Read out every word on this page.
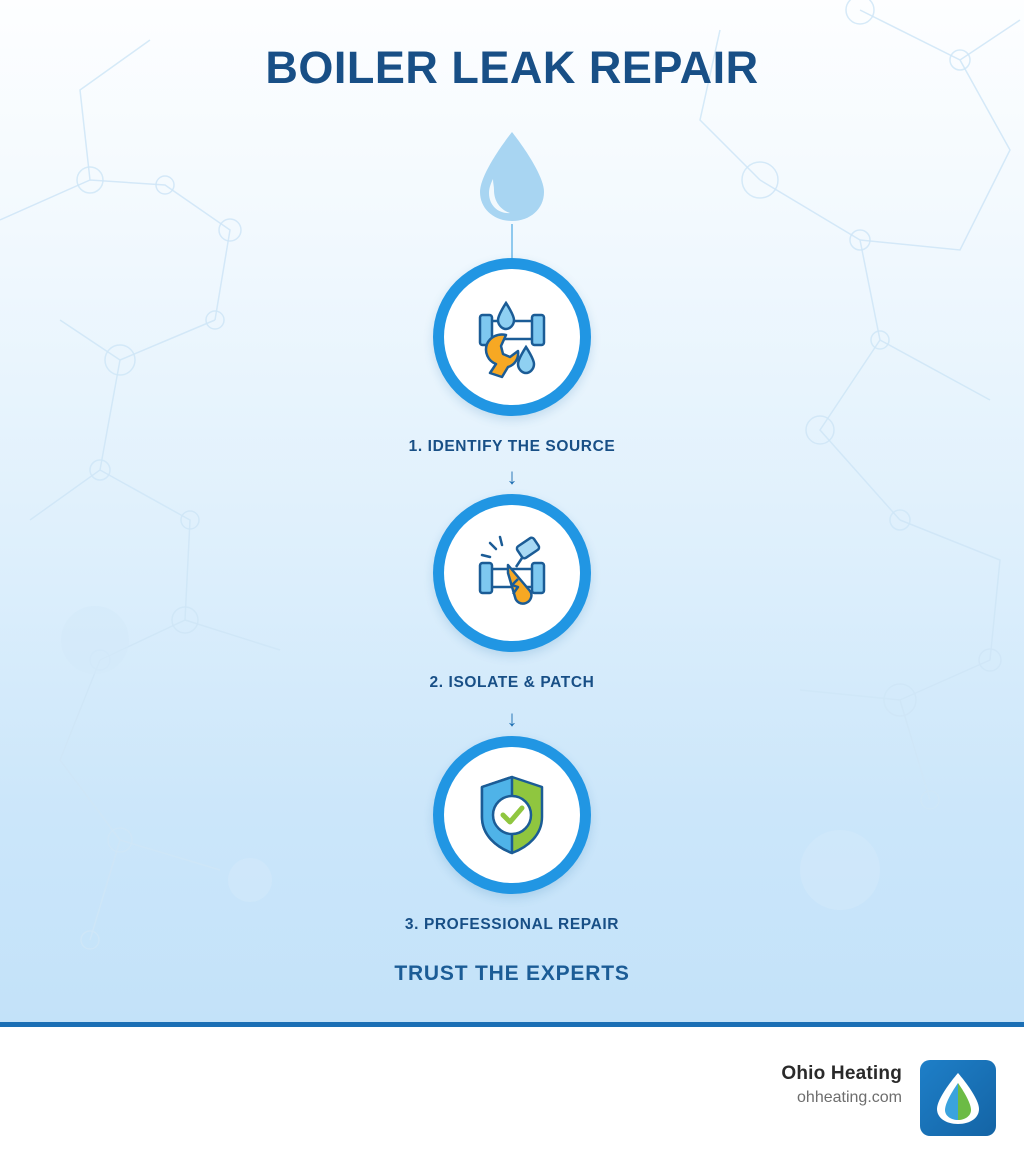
BOILER LEAK REPAIR
1. IDENTIFY THE SOURCE
↓
2. ISOLATE & PATCH
↓
3. PROFESSIONAL REPAIR
TRUST THE EXPERTS
Ohio Heating
ohheating.com
